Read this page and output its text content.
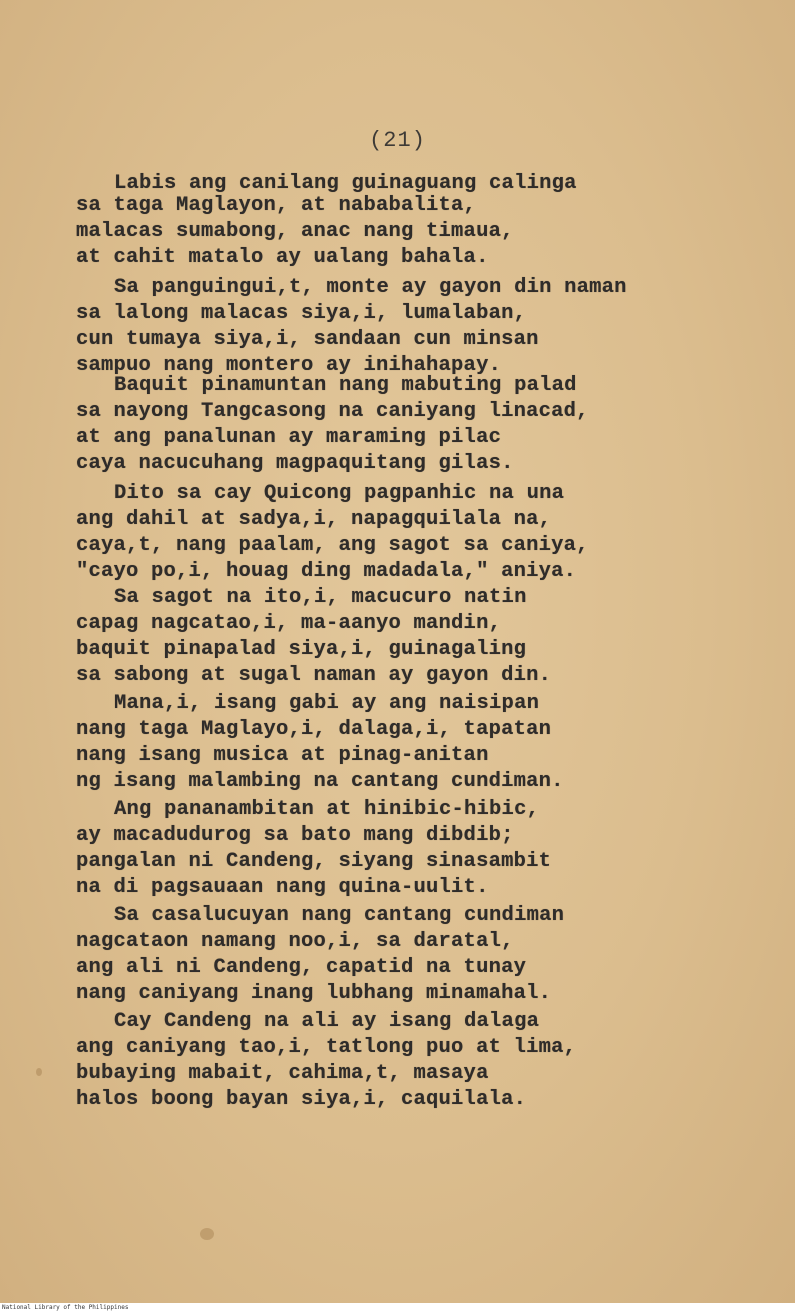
(21)
Labis ang canilang guinaguang calinga
sa taga Maglayon, at nababalita,
malacas sumabong, anac nang timaua,
at cahit matalo ay ualang bahala.
Sa panguingui,t, monte ay gayon din naman
sa lalong malacas siya,i, lumalaban,
cun tumaya siya,i, sandaan cun minsan
sampuo nang montero ay inihahapay.
Baquit pinamuntan nang mabuting palad
sa nayong Tangcasong na caniyang linacad,
at ang panalunan ay maraming pilac
caya nacucuhang magpaquitang gilas.
Dito sa cay Quicong pagpanhic na una
ang dahil at sadya,i, napagquilala na,
caya,t, nang paalam, ang sagot sa caniya,
"cayo po,i, houag ding madadala," aniya.
Sa sagot na ito,i, macucuro natin
capag nagcatao,i, ma-aanyo mandin,
baquit pinapalad siya,i, guinagaling
sa sabong at sugal naman ay gayon din.
Mana,i, isang gabi ay ang naisipan
nang taga Maglayo,i, dalaga,i, tapatan
nang isang musica at pinag-anitan
ng isang malambing na cantang cundiman.
Ang pananambitan at hinibic-hibic,
ay macadudurog sa bato mang dibdib;
pangalan ni Candeng, siyang sinasambit
na di pagsauaan nang quina-uulit.
Sa casalucuyan nang cantang cundiman
nagcataon namang noo,i, sa daratal,
ang ali ni Candeng, capatid na tunay
nang caniyang inang lubhang minamahal.
Cay Candeng na ali ay isang dalaga
ang caniyang tao,i, tatlong puo at lima,
bubaying mabait, cahima,t, masaya
halos boong bayan siya,i, caquilala.
National Library of the Philippines
